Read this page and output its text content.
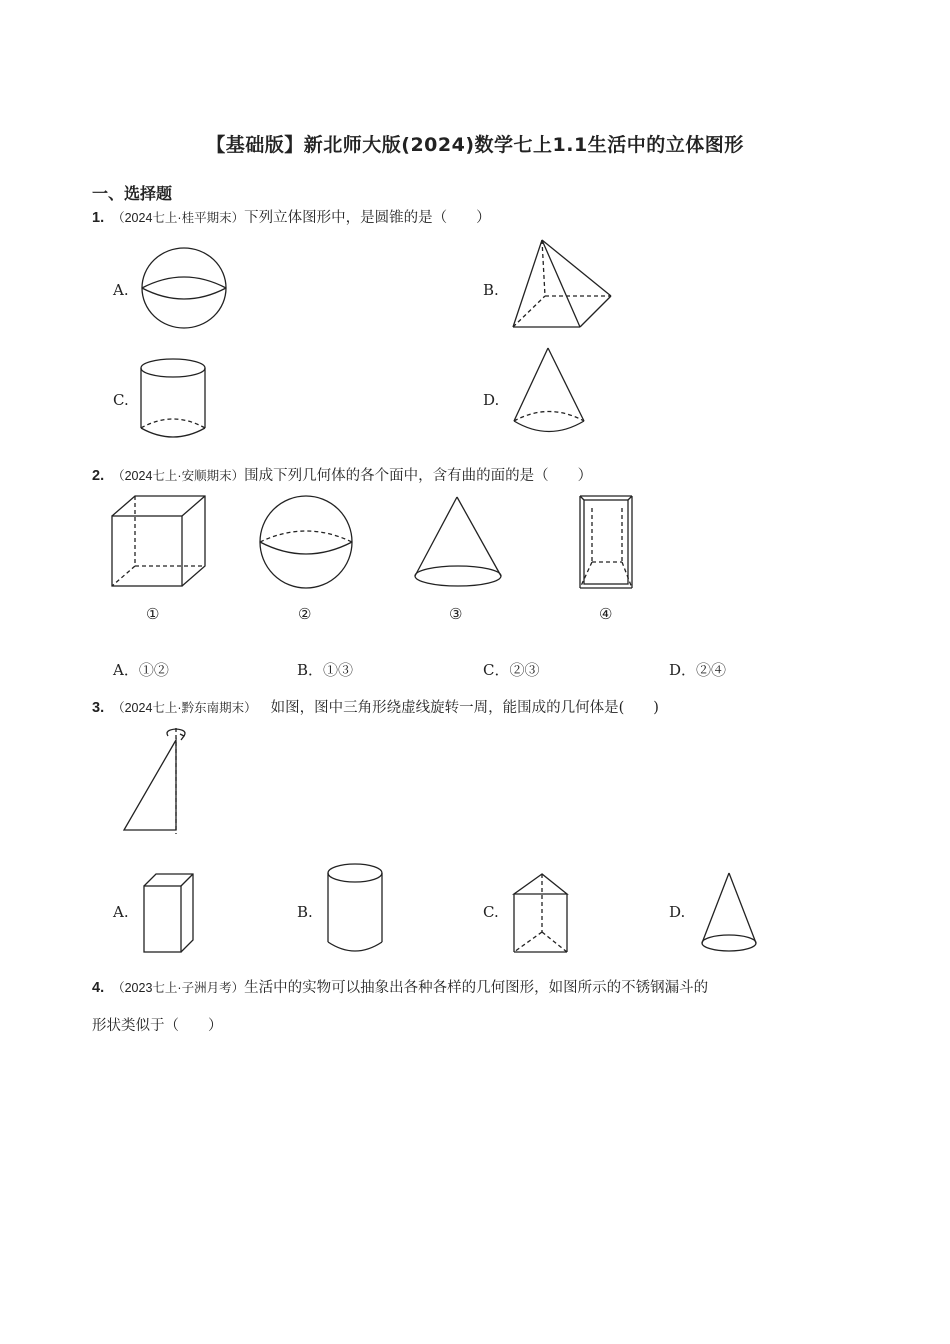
【基础版】新北师大版(2024)数学七上1.1生活中的立体图形
一、选择题
1. （2024七上·桂平期末）下列立体图形中，是圆锥的是（　　）
A.	B.
C.	D.
2. （2024七上·安顺期末）围成下列几何体的各个面中，含有曲的面的是（　　）
①	②	③	④
A．①②	B．①③	C．②③	D．②④
3. （2024七上·黔东南期末） 如图，图中三角形绕虚线旋转一周，能围成的几何体是(　　)
A.	B.	C.	D.
4. （2023七上·子洲月考）生活中的实物可以抽象出各种各样的几何图形，如图所示的不锈钢漏斗的
形状类似于（　　）
